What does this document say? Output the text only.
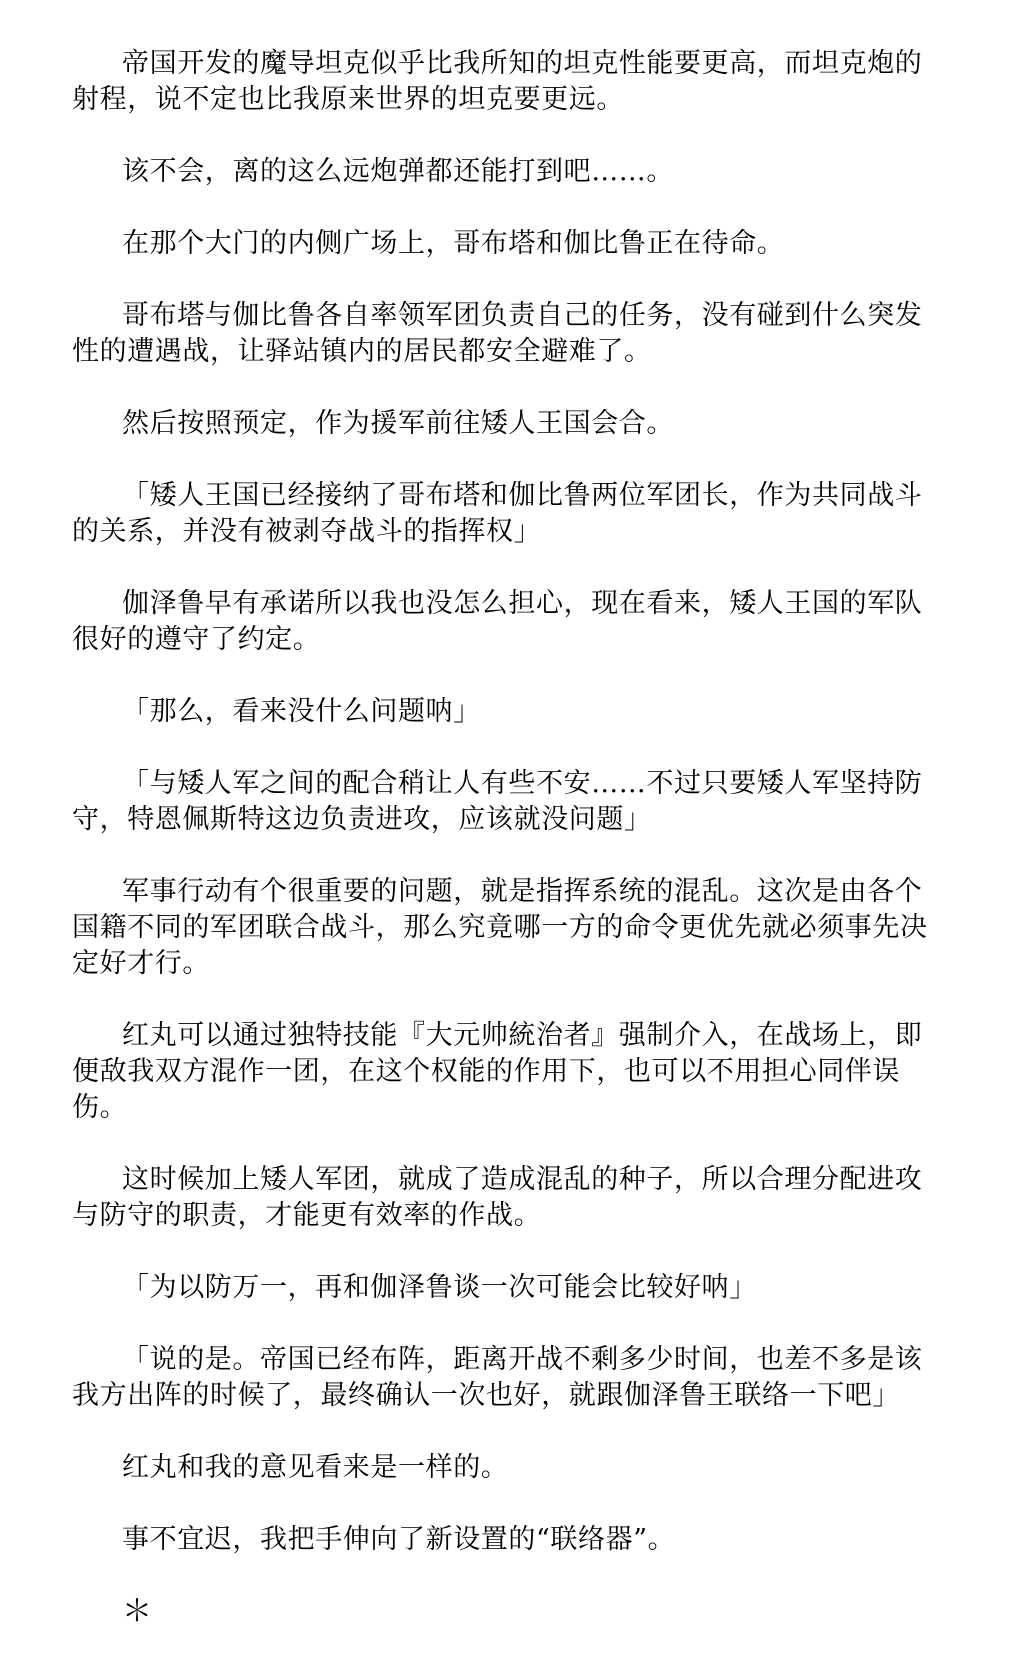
帝国开发的魔导坦克似乎比我所知的坦克性能要更高，而坦克炮的射程，说不定也比我原来世界的坦克要更远。

该不会，离的这么远炮弹都还能打到吧……。

在那个大门的内侧广场上，哥布塔和伽比鲁正在待命。

哥布塔与伽比鲁各自率领军团负责自己的任务，没有碰到什么突发性的遭遇战，让驿站镇内的居民都安全避难了。

然后按照预定，作为援军前往矮人王国会合。

「矮人王国已经接纳了哥布塔和伽比鲁两位军团长，作为共同战斗的关系，并没有被剥夺战斗的指挥权」

伽泽鲁早有承诺所以我也没怎么担心，现在看来，矮人王国的军队很好的遵守了约定。

「那么，看来没什么问题呐」

「与矮人军之间的配合稍让人有些不安……不过只要矮人军坚持防守，特恩佩斯特这边负责进攻，应该就没问题」

军事行动有个很重要的问题，就是指挥系统的混乱。这次是由各个国籍不同的军团联合战斗，那么究竟哪一方的命令更优先就必须事先决定好才行。

红丸可以通过独特技能『大元帅統治者』强制介入，在战场上，即便敌我双方混作一团，在这个权能的作用下，也可以不用担心同伴误伤。

这时候加上矮人军团，就成了造成混乱的种子，所以合理分配进攻与防守的职责，才能更有效率的作战。

「为以防万一，再和伽泽鲁谈一次可能会比较好呐」

「说的是。帝国已经布阵，距离开战不剩多少时间，也差不多是该我方出阵的时候了，最终确认一次也好，就跟伽泽鲁王联络一下吧」

红丸和我的意见看来是一样的。

事不宜迟，我把手伸向了新设置的“联络器”。

＊
